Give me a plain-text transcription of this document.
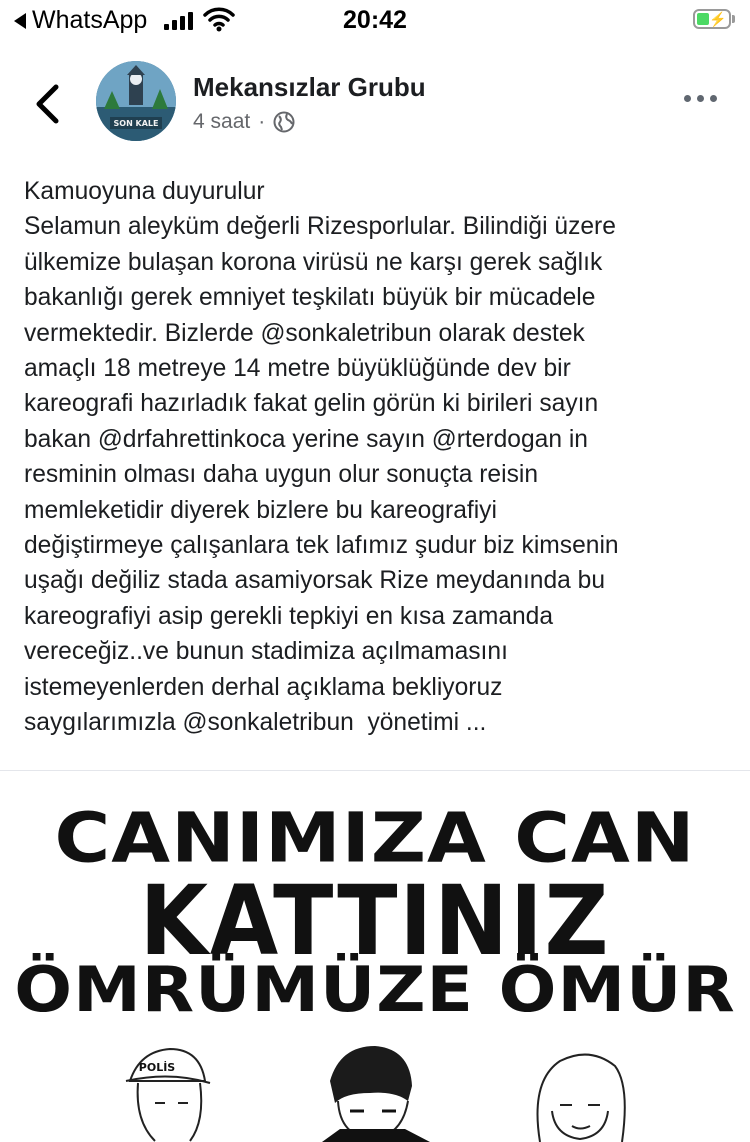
WhatsApp	20:42	⚡
SON KALE
Mekansızlar Grubu
4 saat ·
Kamuoyuna duyurulur
Selamun aleyküm değerli Rizesporlular. Bilindiği üzere
ülkemize bulaşan korona virüsü ne karşı gerek sağlık
bakanlığı gerek emniyet teşkilatı büyük bir mücadele
vermektedir. Bizlerde @sonkaletribun olarak destek
amaçlı 18 metreye 14 metre büyüklüğünde dev bir
kareografi hazırladık fakat gelin görün ki birileri sayın
bakan @drfahrettinkoca yerine sayın @rterdogan in
resminin olması daha uygun olur sonuçta reisin
memleketidir diyerek bizlere bu kareografiyi
değiştirmeye çalışanlara tek lafımız şudur biz kimsenin
uşağı değiliz stada asamiyorsak Rize meydanında bu
kareografiyi asip gerekli tepkiyi en kısa zamanda
vereceğiz..ve bunun stadimiza açılmamasını
istemeyenlerden derhal açıklama bekliyoruz
saygılarımızla @sonkaletribun  yönetimi ...
CANIMIZA CAN
KATTINIZ
ÖMRÜMÜZE ÖMÜR
POLİS
